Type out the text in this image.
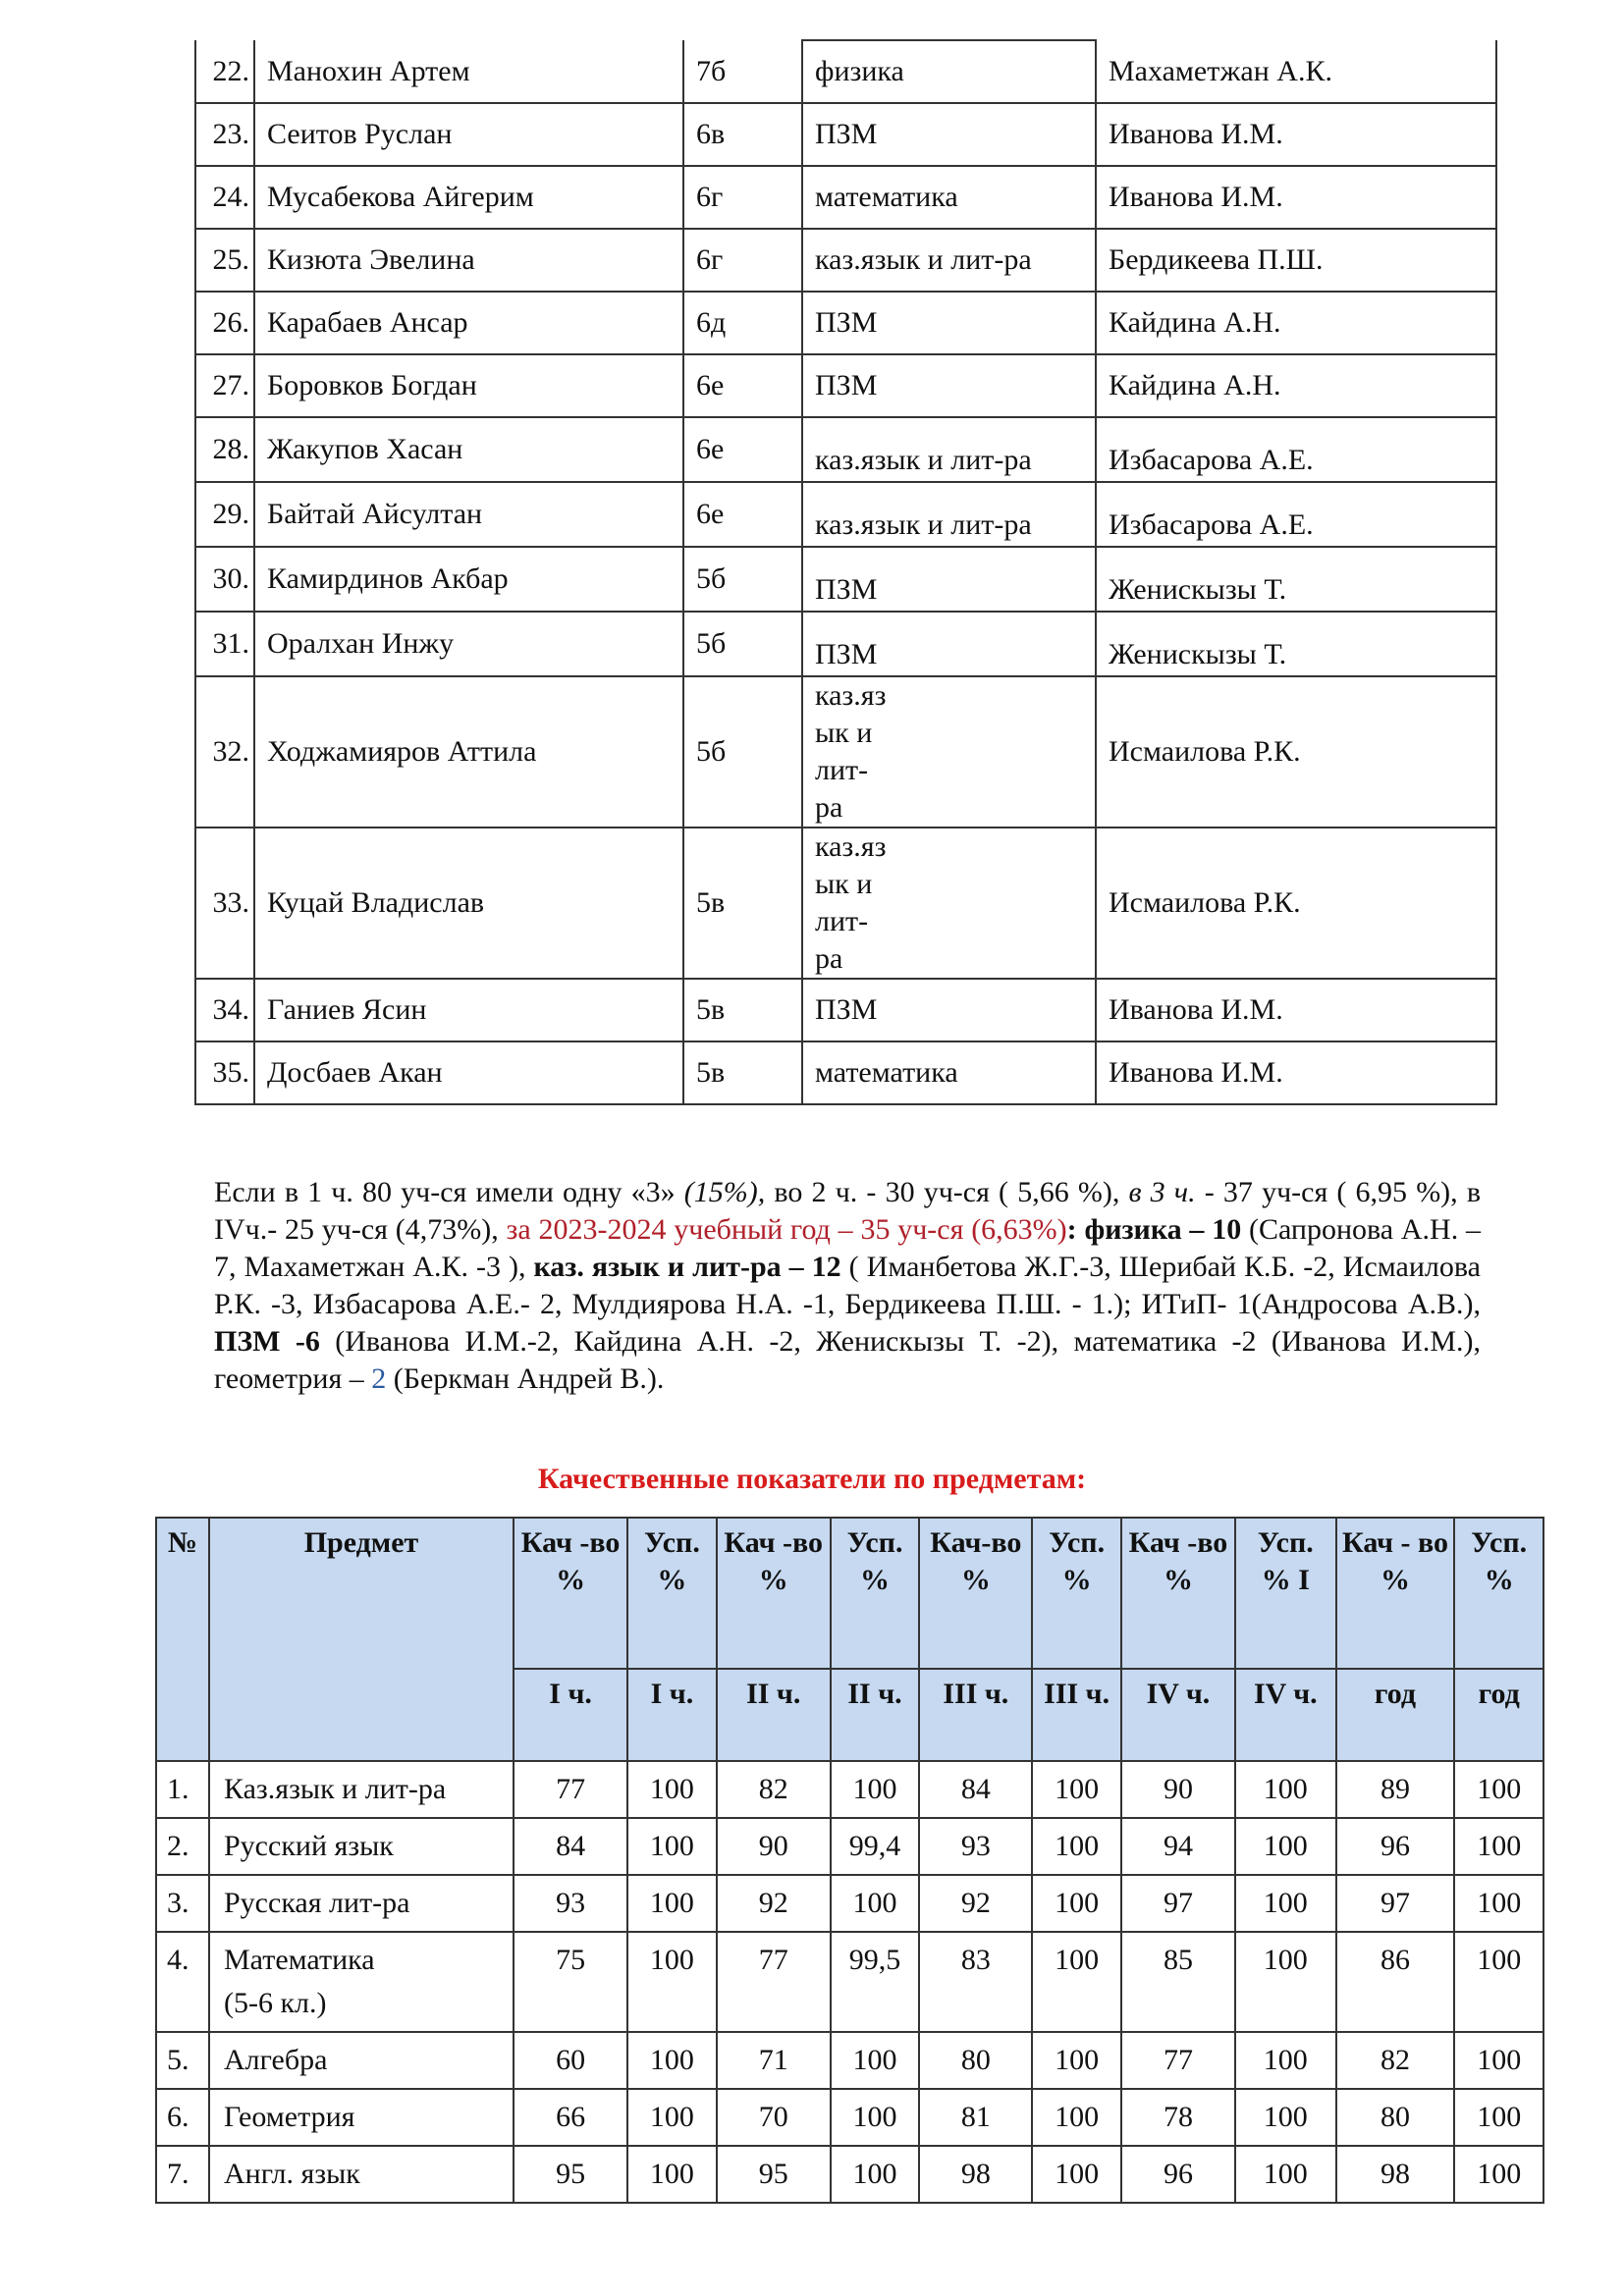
22.	Манохин Артем	7б	физика	Махаметжан А.К.
23.	Сеитов Руслан	6в	ПЗМ	Иванова И.М.
24.	Мусабекова Айгерим	6г	математика	Иванова И.М.
25.	Кизюта Эвелина	6г	каз.язык и лит-ра	Бердикеева П.Ш.
26.	Карабаев Ансар	6д	ПЗМ	Кайдина А.Н.
27.	Боровков Богдан	6е	ПЗМ	Кайдина А.Н.
28.	Жакупов Хасан	6е	каз.язык и лит-ра	Избасарова А.Е.
29.	Байтай Айсултан	6е	каз.язык и лит-ра	Избасарова А.Е.
30.	Камирдинов Акбар	5б	ПЗМ	Женискызы Т.
31.	Оралхан Инжу	5б	ПЗМ	Женискызы Т.
32.	Ходжамияров Аттила	5б	каз.яз
ык и
лит-
ра	Исмаилова Р.К.
33.	Куцай Владислав	5в	каз.яз
ык и
лит-
ра	Исмаилова Р.К.
34.	Ганиев Ясин	5в	ПЗМ	Иванова И.М.
35.	Досбаев Акан	5в	математика	Иванова И.М.
Если в 1 ч. 80 уч-ся имели одну «3» (15%), во 2 ч. - 30 уч-ся ( 5,66 %), в 3 ч. - 37 уч-ся ( 6,95 %), в IVч.- 25 уч-ся (4,73%), за 2023-2024 учебный год – 35 уч-ся (6,63%): физика – 10 (Сапронова А.Н. – 7, Махаметжан А.К. -3 ), каз. язык и лит-ра – 12 ( Иманбетова Ж.Г.-3, Шерибай К.Б. -2, Исмаилова Р.К. -3, Избасарова А.Е.- 2, Мулдиярова Н.А. -1, Бердикеева П.Ш. - 1.); ИТиП- 1(Андросова А.В.), ПЗМ -6 (Иванова И.М.-2, Кайдина А.Н. -2, Женискызы Т. -2), математика -2 (Иванова И.М.), геометрия – 2 (Беркман Андрей В.).
Качественные показатели по предметам:
№	Предмет	Кач -во %	Усп. %	Кач -во %	Усп. %	Кач-во %	Усп. %	Кач -во %	Усп. % I	Кач - во %	Усп. %
		I ч.	I ч.	II ч.	II ч.	III ч.	III ч.	IV ч.	IV ч.	год	год
1.	Каз.язык и лит-ра	77	100	82	100	84	100	90	100	89	100
2.	Русский язык	84	100	90	99,4	93	100	94	100	96	100
3.	Русская лит-ра	93	100	92	100	92	100	97	100	97	100
4.	Математика
(5-6 кл.)	75	100	77	99,5	83	100	85	100	86	100
5.	Алгебра	60	100	71	100	80	100	77	100	82	100
6.	Геометрия	66	100	70	100	81	100	78	100	80	100
7.	Англ. язык	95	100	95	100	98	100	96	100	98	100
